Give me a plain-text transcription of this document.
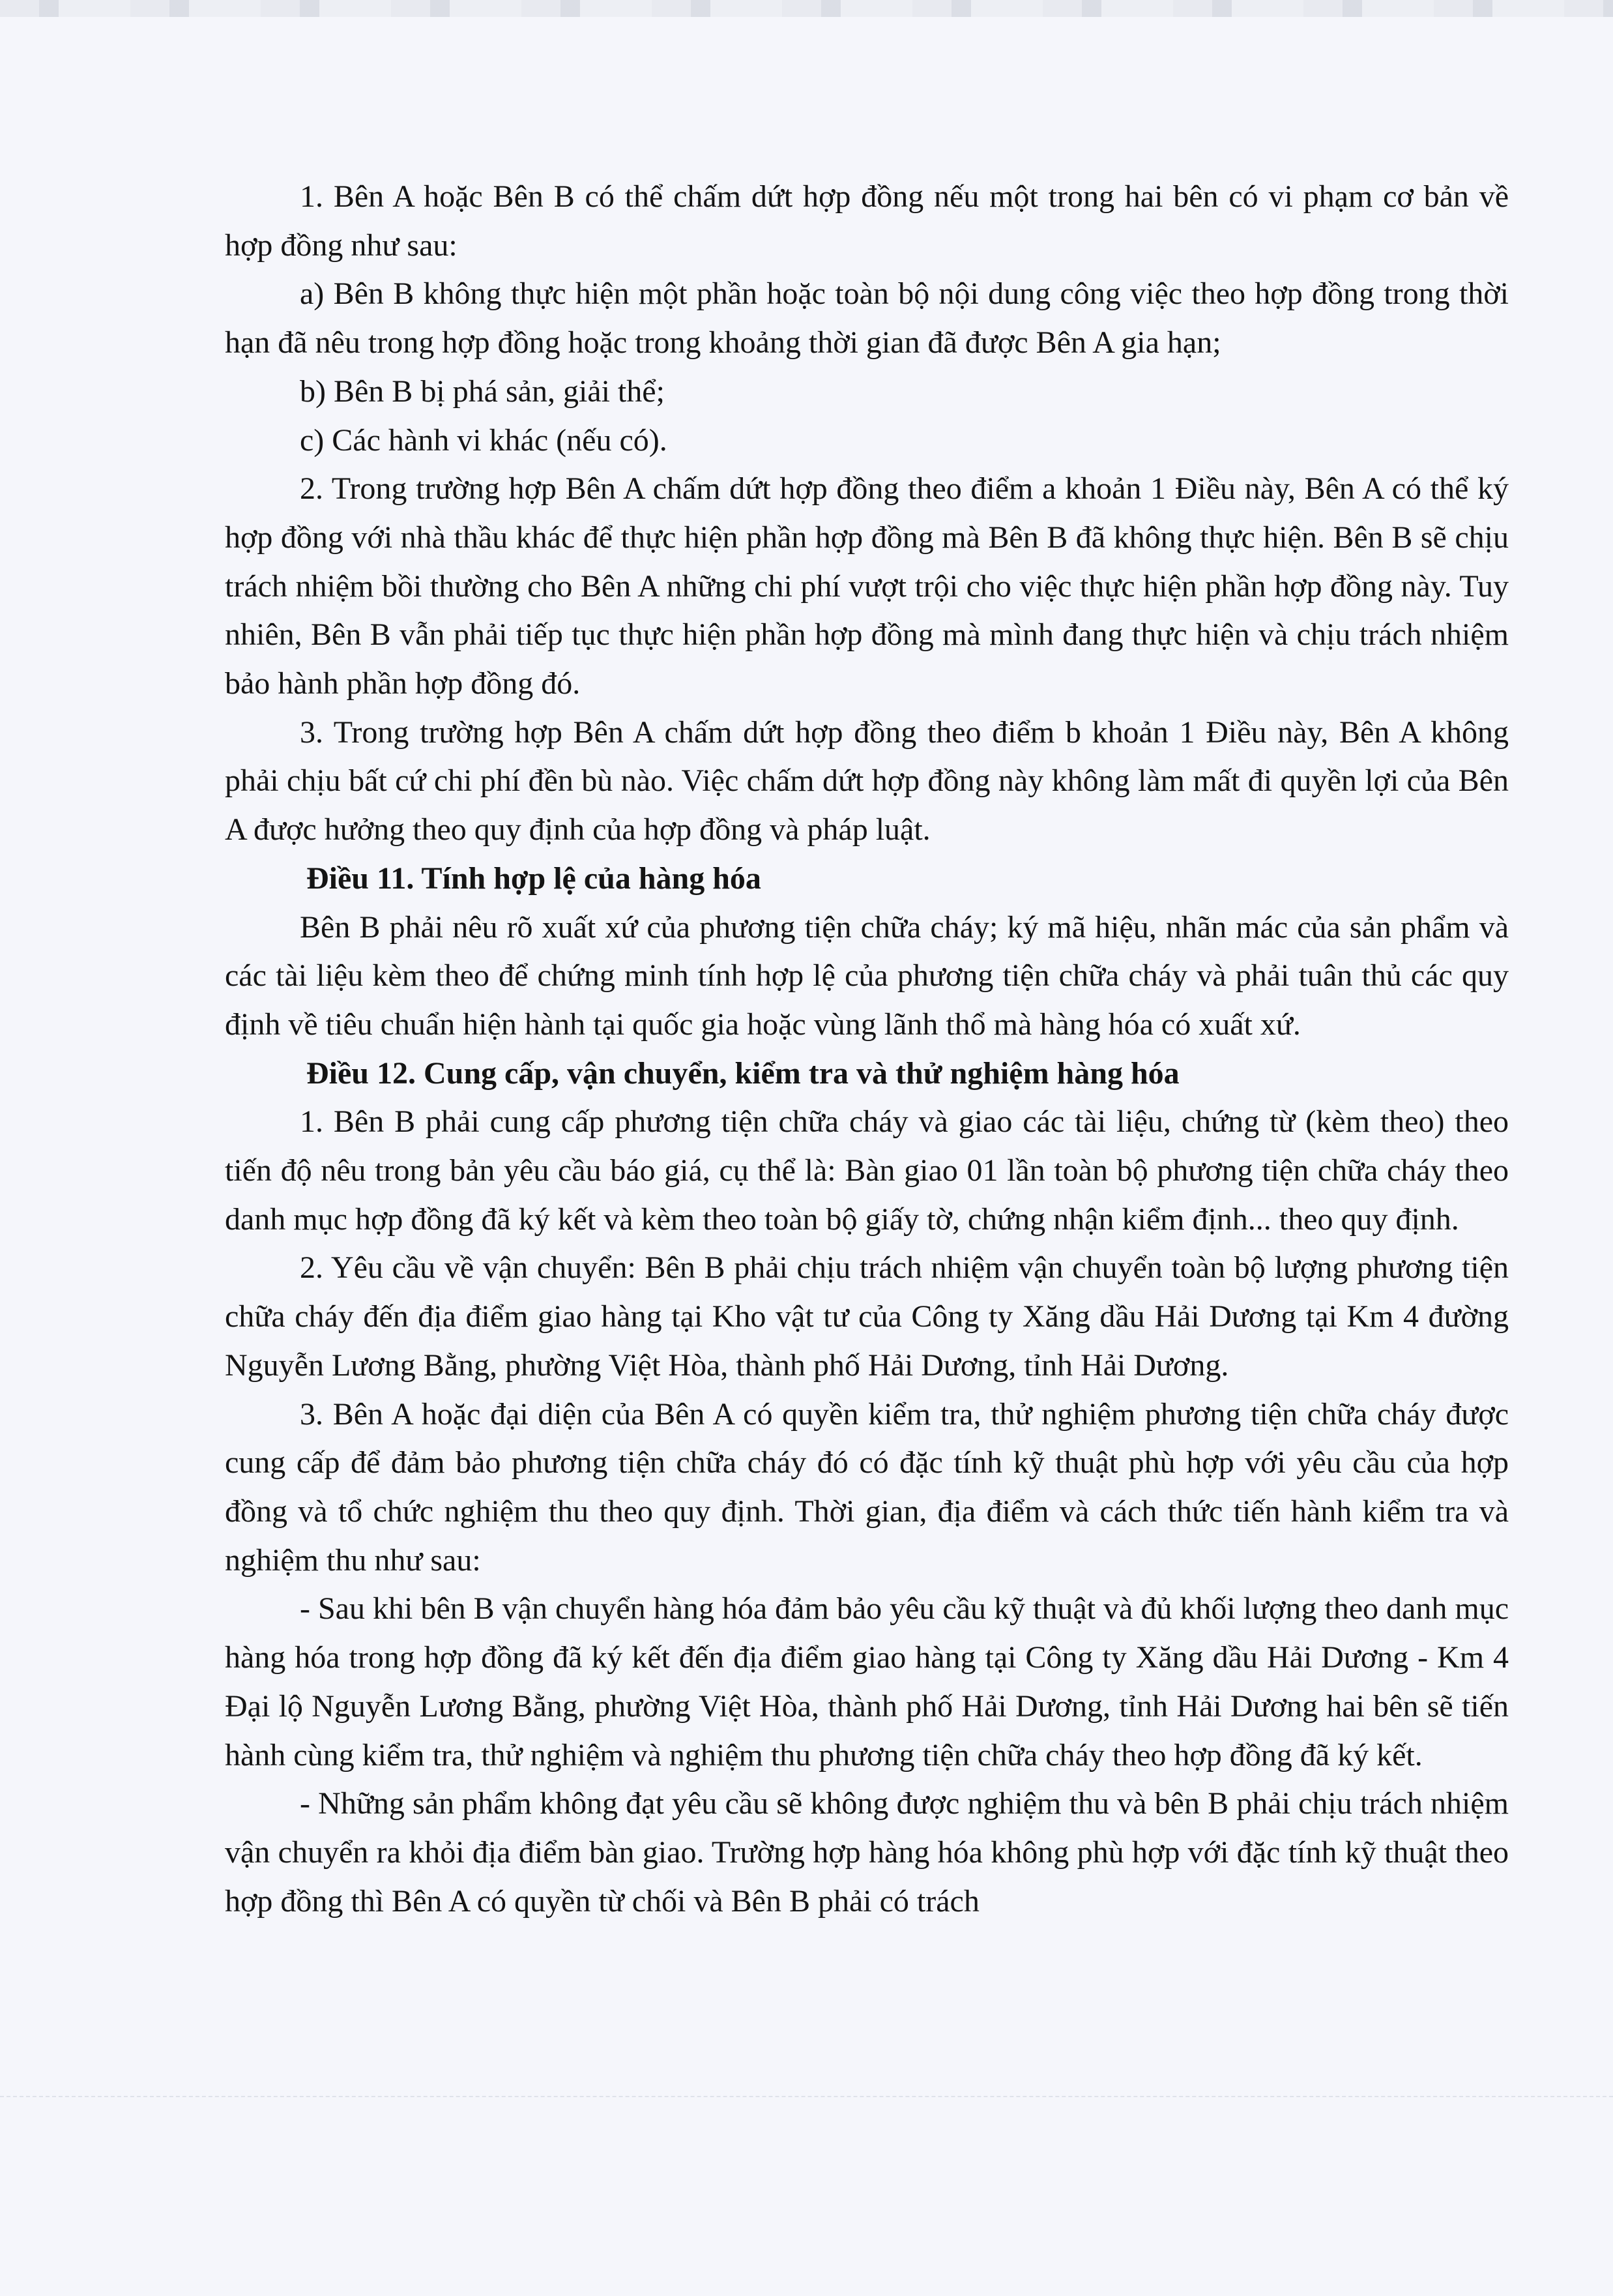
1. Bên A hoặc Bên B có thể chấm dứt hợp đồng nếu một trong hai bên có vi phạm cơ bản về hợp đồng như sau:

a) Bên B không thực hiện một phần hoặc toàn bộ nội dung công việc theo hợp đồng trong thời hạn đã nêu trong hợp đồng hoặc trong khoảng thời gian đã được Bên A gia hạn;

b) Bên B bị phá sản, giải thể;

c) Các hành vi khác (nếu có).

2. Trong trường hợp Bên A chấm dứt hợp đồng theo điểm a khoản 1 Điều này, Bên A có thể ký hợp đồng với nhà thầu khác để thực hiện phần hợp đồng mà Bên B đã không thực hiện. Bên B sẽ chịu trách nhiệm bồi thường cho Bên A những chi phí vượt trội cho việc thực hiện phần hợp đồng này. Tuy nhiên, Bên B vẫn phải tiếp tục thực hiện phần hợp đồng mà mình đang thực hiện và chịu trách nhiệm bảo hành phần hợp đồng đó.

3. Trong trường hợp Bên A chấm dứt hợp đồng theo điểm b khoản 1 Điều này, Bên A không phải chịu bất cứ chi phí đền bù nào. Việc chấm dứt hợp đồng này không làm mất đi quyền lợi của Bên A được hưởng theo quy định của hợp đồng và pháp luật.

Điều 11. Tính hợp lệ của hàng hóa

Bên B phải nêu rõ xuất xứ của phương tiện chữa cháy; ký mã hiệu, nhãn mác của sản phẩm và các tài liệu kèm theo để chứng minh tính hợp lệ của phương tiện chữa cháy và phải tuân thủ các quy định về tiêu chuẩn hiện hành tại quốc gia hoặc vùng lãnh thổ mà hàng hóa có xuất xứ.

Điều 12. Cung cấp, vận chuyển, kiểm tra và thử nghiệm hàng hóa

1. Bên B phải cung cấp phương tiện chữa cháy và giao các tài liệu, chứng từ (kèm theo) theo tiến độ nêu trong bản yêu cầu báo giá, cụ thể là: Bàn giao 01 lần toàn bộ phương tiện chữa cháy theo danh mục hợp đồng đã ký kết và kèm theo toàn bộ giấy tờ, chứng nhận kiểm định... theo quy định.

2. Yêu cầu về vận chuyển: Bên B phải chịu trách nhiệm vận chuyển toàn bộ lượng phương tiện chữa cháy đến địa điểm giao hàng tại Kho vật tư của Công ty Xăng dầu Hải Dương tại Km 4 đường Nguyễn Lương Bằng, phường Việt Hòa, thành phố Hải Dương, tỉnh Hải Dương.

3. Bên A hoặc đại diện của Bên A có quyền kiểm tra, thử nghiệm phương tiện chữa cháy được cung cấp để đảm bảo phương tiện chữa cháy đó có đặc tính kỹ thuật phù hợp với yêu cầu của hợp đồng và tổ chức nghiệm thu theo quy định. Thời gian, địa điểm và cách thức tiến hành kiểm tra và nghiệm thu như sau:

- Sau khi bên B vận chuyển hàng hóa đảm bảo yêu cầu kỹ thuật và đủ khối lượng theo danh mục hàng hóa trong hợp đồng đã ký kết đến địa điểm giao hàng tại Công ty Xăng dầu Hải Dương - Km 4 Đại lộ Nguyễn Lương Bằng, phường Việt Hòa, thành phố Hải Dương, tỉnh Hải Dương hai bên sẽ tiến hành cùng kiểm tra, thử nghiệm và nghiệm thu phương tiện chữa cháy theo hợp đồng đã ký kết.

- Những sản phẩm không đạt yêu cầu sẽ không được nghiệm thu và bên B phải chịu trách nhiệm vận chuyển ra khỏi địa điểm bàn giao. Trường hợp hàng hóa không phù hợp với đặc tính kỹ thuật theo hợp đồng thì Bên A có quyền từ chối và Bên B phải có trách
